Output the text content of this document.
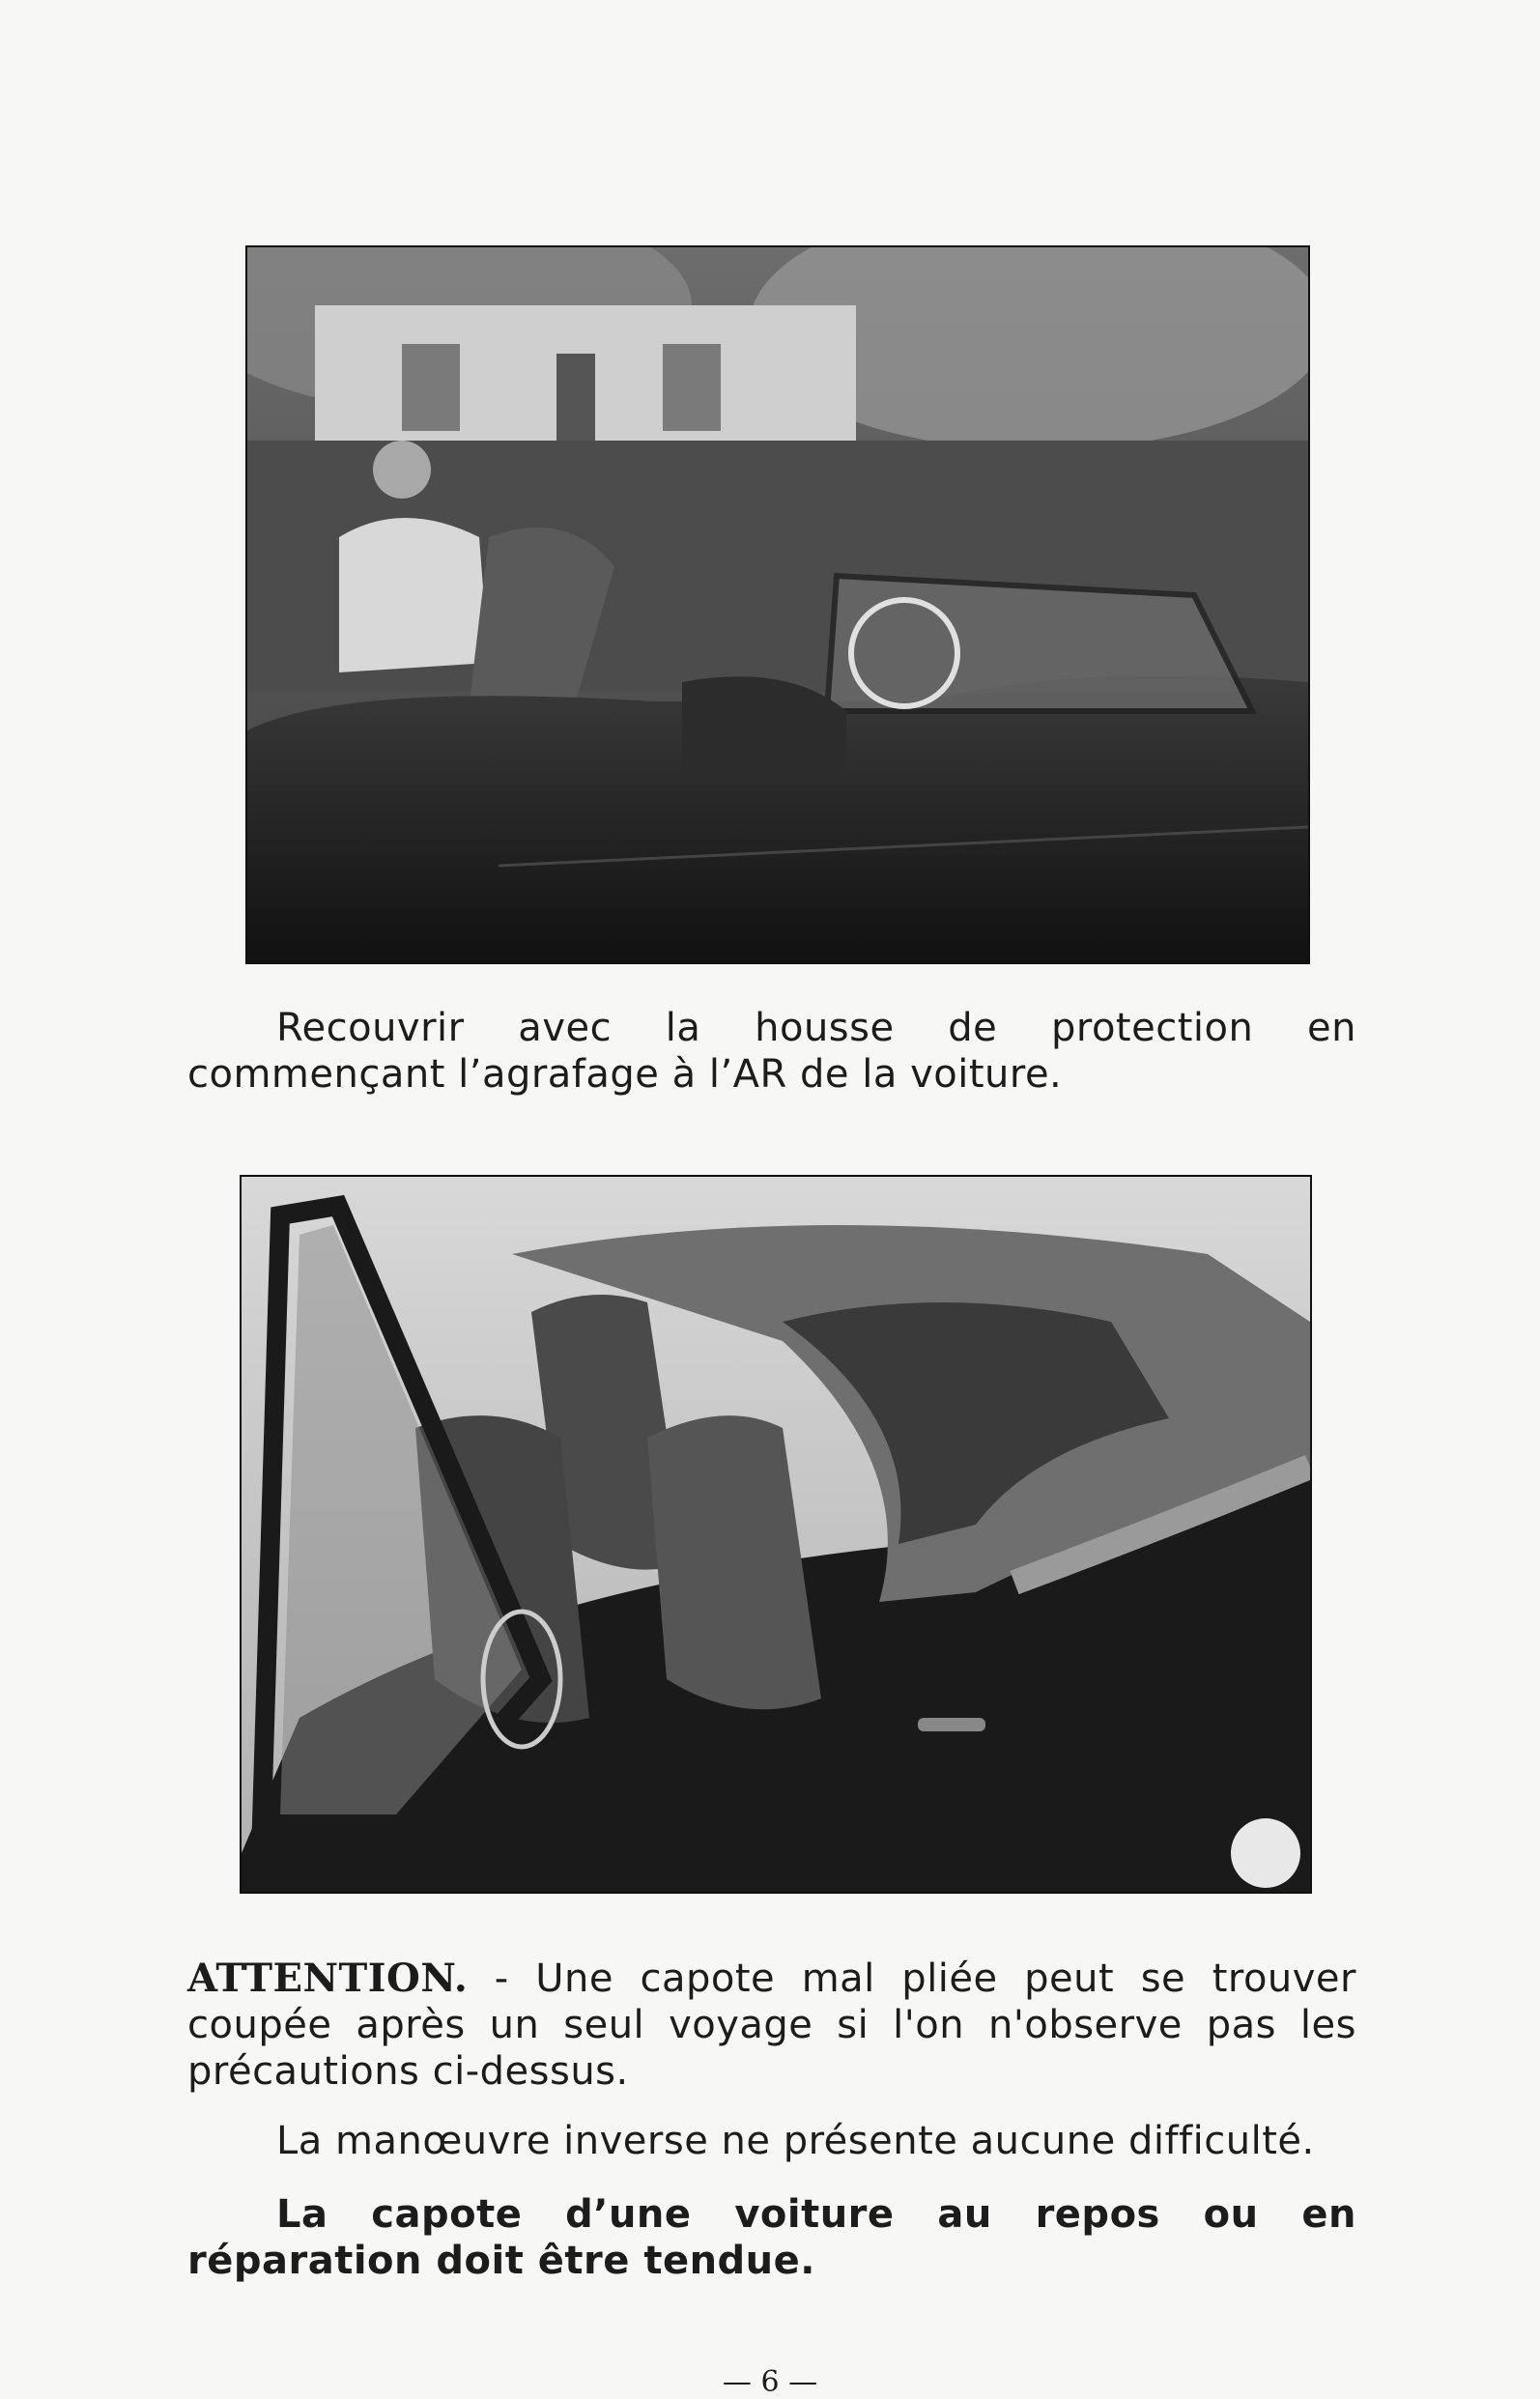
Recouvrir avec la housse de protection en commençant l’agrafage à l’AR de la voiture.

ATTENTION. - Une capote mal pliée peut se trouver coupée après un seul voyage si l'on n'observe pas les précautions ci-dessus.

La manœuvre inverse ne présente aucune difficulté.

La capote d’une voiture au repos ou en réparation doit être tendue.

— 6 —
